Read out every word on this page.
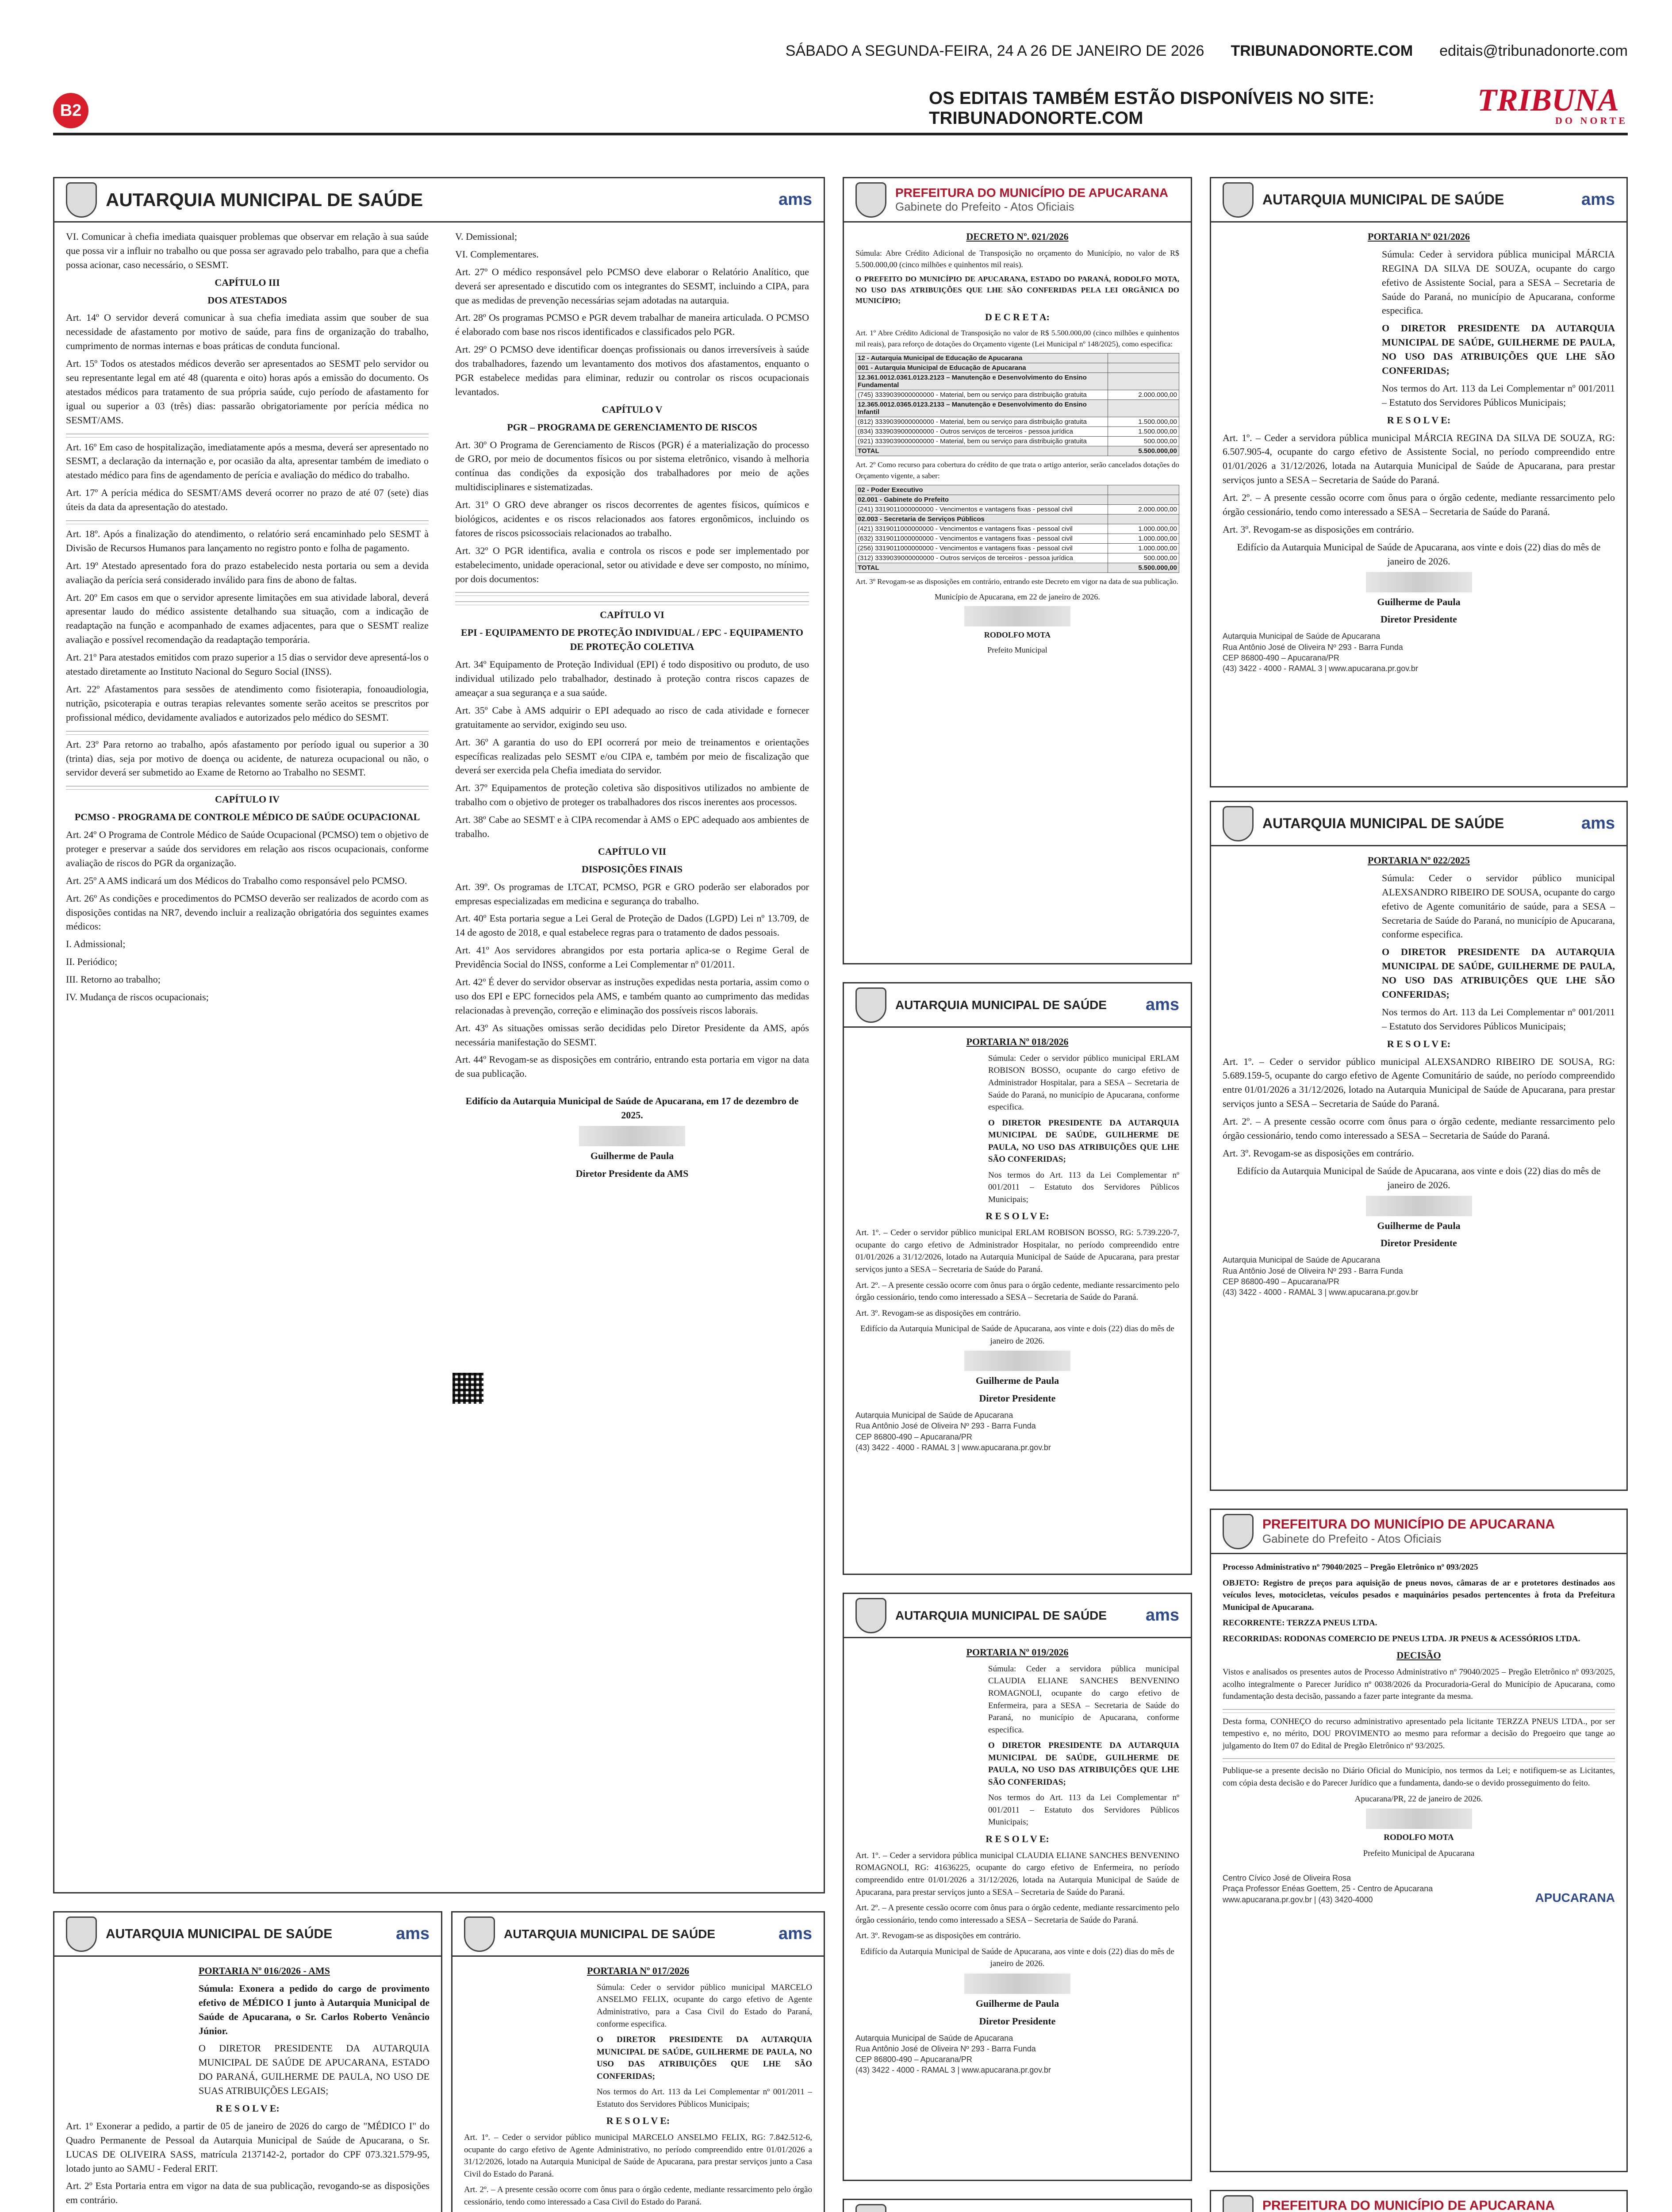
SÁBADO A SEGUNDA-FEIRA, 24 A 26 DE JANEIRO DE 2026 TRIBUNADONORTE.COM editais@tribunadonorte.com
B2
OS EDITAIS TAMBÉM ESTÃO DISPONÍVEIS NO SITE: TRIBUNADONORTE.COM
TRIBUNA
DO NORTE
AUTARQUIA MUNICIPAL DE SAÚDE	ams

VI. Comunicar à chefia imediata quaisquer problemas que observar em relação à sua saúde que possa vir a influir no trabalho ou que possa ser agravado pelo trabalho, para que a chefia possa acionar, caso necessário, o SESMT.

CAPÍTULO III

DOS ATESTADOS

Art. 14º O servidor deverá comunicar à sua chefia imediata assim que souber de sua necessidade de afastamento por motivo de saúde, para fins de organização do trabalho, cumprimento de normas internas e boas práticas de conduta funcional.

Art. 15º Todos os atestados médicos deverão ser apresentados ao SESMT pelo servidor ou seu representante legal em até 48 (quarenta e oito) horas após a emissão do documento. Os atestados médicos para tratamento de sua própria saúde, cujo período de afastamento for igual ou superior a 03 (três) dias: passarão obrigatoriamente por perícia médica no SESMT/AMS.

Art. 16º Em caso de hospitalização, imediatamente após a mesma, deverá ser apresentado no SESMT, a declaração da internação e, por ocasião da alta, apresentar também de imediato o atestado médico para fins de agendamento de perícia e avaliação do médico do trabalho.

Art. 17º A perícia médica do SESMT/AMS deverá ocorrer no prazo de até 07 (sete) dias úteis da data da apresentação do atestado.

Art. 18º. Após a finalização do atendimento, o relatório será encaminhado pelo SESMT à Divisão de Recursos Humanos para lançamento no registro ponto e folha de pagamento.

Art. 19º Atestado apresentado fora do prazo estabelecido nesta portaria ou sem a devida avaliação da perícia será considerado inválido para fins de abono de faltas.

Art. 20º Em casos em que o servidor apresente limitações em sua atividade laboral, deverá apresentar laudo do médico assistente detalhando sua situação, com a indicação de readaptação na função e acompanhado de exames adjacentes, para que o SESMT realize avaliação e possível recomendação da readaptação temporária.

Art. 21º Para atestados emitidos com prazo superior a 15 dias o servidor deve apresentá-los o atestado diretamente ao Instituto Nacional do Seguro Social (INSS).

Art. 22º Afastamentos para sessões de atendimento como fisioterapia, fonoaudiologia, nutrição, psicoterapia e outras terapias relevantes somente serão aceitos se prescritos por profissional médico, devidamente avaliados e autorizados pelo médico do SESMT.

Art. 23º Para retorno ao trabalho, após afastamento por período igual ou superior a 30 (trinta) dias, seja por motivo de doença ou acidente, de natureza ocupacional ou não, o servidor deverá ser submetido ao Exame de Retorno ao Trabalho no SESMT.

CAPÍTULO IV

PCMSO - PROGRAMA DE CONTROLE MÉDICO DE SAÚDE OCUPACIONAL

Art. 24º O Programa de Controle Médico de Saúde Ocupacional (PCMSO) tem o objetivo de proteger e preservar a saúde dos servidores em relação aos riscos ocupacionais, conforme avaliação de riscos do PGR da organização.

Art. 25º A AMS indicará um dos Médicos do Trabalho como responsável pelo PCMSO.

Art. 26º As condições e procedimentos do PCMSO deverão ser realizados de acordo com as disposições contidas na NR7, devendo incluir a realização obrigatória dos seguintes exames médicos:

I. Admissional;

II. Periódico;

III. Retorno ao trabalho;

IV. Mudança de riscos ocupacionais;

V. Demissional;

VI. Complementares.

Art. 27º O médico responsável pelo PCMSO deve elaborar o Relatório Analítico, que deverá ser apresentado e discutido com os integrantes do SESMT, incluindo a CIPA, para que as medidas de prevenção necessárias sejam adotadas na autarquia.

Art. 28º Os programas PCMSO e PGR devem trabalhar de maneira articulada. O PCMSO é elaborado com base nos riscos identificados e classificados pelo PGR.

Art. 29º O PCMSO deve identificar doenças profissionais ou danos irreversíveis à saúde dos trabalhadores, fazendo um levantamento dos motivos dos afastamentos, enquanto o PGR estabelece medidas para eliminar, reduzir ou controlar os riscos ocupacionais levantados.

CAPÍTULO V

PGR – PROGRAMA DE GERENCIAMENTO DE RISCOS

Art. 30º O Programa de Gerenciamento de Riscos (PGR) é a materialização do processo de GRO, por meio de documentos físicos ou por sistema eletrônico, visando à melhoria contínua das condições da exposição dos trabalhadores por meio de ações multidisciplinares e sistematizadas.

Art. 31º O GRO deve abranger os riscos decorrentes de agentes físicos, químicos e biológicos, acidentes e os riscos relacionados aos fatores ergonômicos, incluindo os fatores de riscos psicossociais relacionados ao trabalho.

Art. 32º O PGR identifica, avalia e controla os riscos e pode ser implementado por estabelecimento, unidade operacional, setor ou atividade e deve ser composto, no mínimo, por dois documentos:

CAPÍTULO VI

EPI - EQUIPAMENTO DE PROTEÇÃO INDIVIDUAL / EPC - EQUIPAMENTO DE PROTEÇÃO COLETIVA

Art. 34º Equipamento de Proteção Individual (EPI) é todo dispositivo ou produto, de uso individual utilizado pelo trabalhador, destinado à proteção contra riscos capazes de ameaçar a sua segurança e a sua saúde.

Art. 35º Cabe à AMS adquirir o EPI adequado ao risco de cada atividade e fornecer gratuitamente ao servidor, exigindo seu uso.

Art. 36º A garantia do uso do EPI ocorrerá por meio de treinamentos e orientações específicas realizadas pelo SESMT e/ou CIPA e, também por meio de fiscalização que deverá ser exercida pela Chefia imediata do servidor.

Art. 37º Equipamentos de proteção coletiva são dispositivos utilizados no ambiente de trabalho com o objetivo de proteger os trabalhadores dos riscos inerentes aos processos.

Art. 38º Cabe ao SESMT e à CIPA recomendar à AMS o EPC adequado aos ambientes de trabalho.

CAPÍTULO VII

DISPOSIÇÕES FINAIS

Art. 39º. Os programas de LTCAT, PCMSO, PGR e GRO poderão ser elaborados por empresas especializadas em medicina e segurança do trabalho.

Art. 40º Esta portaria segue a Lei Geral de Proteção de Dados (LGPD) Lei nº 13.709, de 14 de agosto de 2018, e qual estabelece regras para o tratamento de dados pessoais.

Art. 41º Aos servidores abrangidos por esta portaria aplica-se o Regime Geral de Previdência Social do INSS, conforme a Lei Complementar nº 01/2011.

Art. 42º É dever do servidor observar as instruções expedidas nesta portaria, assim como o uso dos EPI e EPC fornecidos pela AMS, e também quanto ao cumprimento das medidas relacionadas à prevenção, correção e eliminação dos possíveis riscos laborais.

Art. 43º As situações omissas serão decididas pelo Diretor Presidente da AMS, após necessária manifestação do SESMT.

Art. 44º Revogam-se as disposições em contrário, entrando esta portaria em vigor na data de sua publicação.

Edifício da Autarquia Municipal de Saúde de Apucarana, em 17 de dezembro de 2025.

Guilherme de Paula

Diretor Presidente da AMS

PREFEITURA DO MUNICÍPIO DE APUCARANA
Gabinete do Prefeito - Atos Oficiais

DECRETO Nº. 021/2026

Súmula: Abre Crédito Adicional de Transposição no orçamento do Município, no valor de R$ 5.500.000,00 (cinco milhões e quinhentos mil reais).

O PREFEITO DO MUNICÍPIO DE APUCARANA, ESTADO DO PARANÁ, RODOLFO MOTA, NO USO DAS ATRIBUIÇÕES QUE LHE SÃO CONFERIDAS PELA LEI ORGÂNICA DO MUNICÍPIO;

D E C R E T A:

Art. 1º Abre Crédito Adicional de Transposição no valor de R$ 5.500.000,00 (cinco milhões e quinhentos mil reais), para reforço de dotações do Orçamento vigente (Lei Municipal nº 148/2025), como especifica:

12 - Autarquia Municipal de Educação de Apucarana	
001 - Autarquia Municipal de Educação de Apucarana	
12.361.0012.0361.0123.2123 – Manutenção e Desenvolvimento do Ensino Fundamental	
(745) 3339039000000000 - Material, bem ou serviço para distribuição gratuita	2.000.000,00
12.365.0012.0365.0123.2133 – Manutenção e Desenvolvimento do Ensino Infantil	
(812) 3339039000000000 - Material, bem ou serviço para distribuição gratuita	1.500.000,00
(834) 3339039000000000 - Outros serviços de terceiros - pessoa jurídica	1.500.000,00
(921) 3339039000000000 - Material, bem ou serviço para distribuição gratuita	500.000,00
TOTAL	5.500.000,00

Art. 2º Como recurso para cobertura do crédito de que trata o artigo anterior, serão cancelados dotações do Orçamento vigente, a saber:

02 - Poder Executivo	
02.001 - Gabinete do Prefeito	
(241) 3319011000000000 - Vencimentos e vantagens fixas - pessoal civil	2.000.000,00
02.003 - Secretaria de Serviços Públicos	
(421) 3319011000000000 - Vencimentos e vantagens fixas - pessoal civil	1.000.000,00
(632) 3319011000000000 - Vencimentos e vantagens fixas - pessoal civil	1.000.000,00
(256) 3319011000000000 - Vencimentos e vantagens fixas - pessoal civil	1.000.000,00
(312) 3339039000000000 - Outros serviços de terceiros - pessoa jurídica	500.000,00
TOTAL	5.500.000,00

Art. 3º Revogam-se as disposições em contrário, entrando este Decreto em vigor na data de sua publicação.

Município de Apucarana, em 22 de janeiro de 2026.

RODOLFO MOTA

Prefeito Municipal

AUTARQUIA MUNICIPAL DE SAÚDE	ams

PORTARIA Nº 021/2026

Súmula: Ceder à servidora pública municipal MÁRCIA REGINA DA SILVA DE SOUZA, ocupante do cargo efetivo de Assistente Social, para a SESA – Secretaria de Saúde do Paraná, no município de Apucarana, conforme especifica.

O DIRETOR PRESIDENTE DA AUTARQUIA MUNICIPAL DE SAÚDE, GUILHERME DE PAULA, NO USO DAS ATRIBUIÇÕES QUE LHE SÃO CONFERIDAS;

Nos termos do Art. 113 da Lei Complementar nº 001/2011 – Estatuto dos Servidores Públicos Municipais;

R E S O L V E:

Art. 1º. – Ceder a servidora pública municipal MÁRCIA REGINA DA SILVA DE SOUZA, RG: 6.507.905-4, ocupante do cargo efetivo de Assistente Social, no período compreendido entre 01/01/2026 a 31/12/2026, lotada na Autarquia Municipal de Saúde de Apucarana, para prestar serviços junto a SESA – Secretaria de Saúde do Paraná.

Art. 2º. – A presente cessão ocorre com ônus para o órgão cedente, mediante ressarcimento pelo órgão cessionário, tendo como interessado a SESA – Secretaria de Saúde do Paraná.

Art. 3º. Revogam-se as disposições em contrário.

Edifício da Autarquia Municipal de Saúde de Apucarana, aos vinte e dois (22) dias do mês de janeiro de 2026.

Guilherme de Paula

Diretor Presidente

Autarquia Municipal de Saúde de Apucarana
Rua Antônio José de Oliveira Nº 293 - Barra Funda
CEP 86800-490 – Apucarana/PR
(43) 3422 - 4000 - RAMAL 3 | www.apucarana.pr.gov.br
AUTARQUIA MUNICIPAL DE SAÚDE	ams

PORTARIA Nº 022/2025

Súmula: Ceder o servidor público municipal ALEXSANDRO RIBEIRO DE SOUSA, ocupante do cargo efetivo de Agente comunitário de saúde, para a SESA – Secretaria de Saúde do Paraná, no município de Apucarana, conforme especifica.

O DIRETOR PRESIDENTE DA AUTARQUIA MUNICIPAL DE SAÚDE, GUILHERME DE PAULA, NO USO DAS ATRIBUIÇÕES QUE LHE SÃO CONFERIDAS;

Nos termos do Art. 113 da Lei Complementar nº 001/2011 – Estatuto dos Servidores Públicos Municipais;

R E S O L V E:

Art. 1º. – Ceder o servidor público municipal ALEXSANDRO RIBEIRO DE SOUSA, RG: 5.689.159-5, ocupante do cargo efetivo de Agente Comunitário de saúde, no período compreendido entre 01/01/2026 a 31/12/2026, lotado na Autarquia Municipal de Saúde de Apucarana, para prestar serviços junto a SESA – Secretaria de Saúde do Paraná.

Art. 2º. – A presente cessão ocorre com ônus para o órgão cedente, mediante ressarcimento pelo órgão cessionário, tendo como interessado a SESA – Secretaria de Saúde do Paraná.

Art. 3º. Revogam-se as disposições em contrário.

Edifício da Autarquia Municipal de Saúde de Apucarana, aos vinte e dois (22) dias do mês de janeiro de 2026.

Guilherme de Paula

Diretor Presidente

Autarquia Municipal de Saúde de Apucarana
Rua Antônio José de Oliveira Nº 293 - Barra Funda
CEP 86800-490 – Apucarana/PR
(43) 3422 - 4000 - RAMAL 3 | www.apucarana.pr.gov.br
AUTARQUIA MUNICIPAL DE SAÚDE	ams

PORTARIA Nº 018/2026

Súmula: Ceder o servidor público municipal ERLAM ROBISON BOSSO, ocupante do cargo efetivo de Administrador Hospitalar, para a SESA – Secretaria de Saúde do Paraná, no município de Apucarana, conforme especifica.

O DIRETOR PRESIDENTE DA AUTARQUIA MUNICIPAL DE SAÚDE, GUILHERME DE PAULA, NO USO DAS ATRIBUIÇÕES QUE LHE SÃO CONFERIDAS;

Nos termos do Art. 113 da Lei Complementar nº 001/2011 – Estatuto dos Servidores Públicos Municipais;

R E S O L V E:

Art. 1º. – Ceder o servidor público municipal ERLAM ROBISON BOSSO, RG: 5.739.220-7, ocupante do cargo efetivo de Administrador Hospitalar, no período compreendido entre 01/01/2026 a 31/12/2026, lotado na Autarquia Municipal de Saúde de Apucarana, para prestar serviços junto a SESA – Secretaria de Saúde do Paraná.

Art. 2º. – A presente cessão ocorre com ônus para o órgão cedente, mediante ressarcimento pelo órgão cessionário, tendo como interessado a SESA – Secretaria de Saúde do Paraná.

Art. 3º. Revogam-se as disposições em contrário.

Edifício da Autarquia Municipal de Saúde de Apucarana, aos vinte e dois (22) dias do mês de janeiro de 2026.

Guilherme de Paula

Diretor Presidente

Autarquia Municipal de Saúde de Apucarana
Rua Antônio José de Oliveira Nº 293 - Barra Funda
CEP 86800-490 – Apucarana/PR
(43) 3422 - 4000 - RAMAL 3 | www.apucarana.pr.gov.br
AUTARQUIA MUNICIPAL DE SAÚDE	ams

PORTARIA Nº 019/2026

Súmula: Ceder a servidora pública municipal CLAUDIA ELIANE SANCHES BENVENINO ROMAGNOLI, ocupante do cargo efetivo de Enfermeira, para a SESA – Secretaria de Saúde do Paraná, no município de Apucarana, conforme especifica.

O DIRETOR PRESIDENTE DA AUTARQUIA MUNICIPAL DE SAÚDE, GUILHERME DE PAULA, NO USO DAS ATRIBUIÇÕES QUE LHE SÃO CONFERIDAS;

Nos termos do Art. 113 da Lei Complementar nº 001/2011 – Estatuto dos Servidores Públicos Municipais;

R E S O L V E:

Art. 1º. – Ceder a servidora pública municipal CLAUDIA ELIANE SANCHES BENVENINO ROMAGNOLI, RG: 41636225, ocupante do cargo efetivo de Enfermeira, no período compreendido entre 01/01/2026 a 31/12/2026, lotada na Autarquia Municipal de Saúde de Apucarana, para prestar serviços junto a SESA – Secretaria de Saúde do Paraná.

Art. 2º. – A presente cessão ocorre com ônus para o órgão cedente, mediante ressarcimento pelo órgão cessionário, tendo como interessado a SESA – Secretaria de Saúde do Paraná.

Art. 3º. Revogam-se as disposições em contrário.

Edifício da Autarquia Municipal de Saúde de Apucarana, aos vinte e dois (22) dias do mês de janeiro de 2026.

Guilherme de Paula

Diretor Presidente

Autarquia Municipal de Saúde de Apucarana
Rua Antônio José de Oliveira Nº 293 - Barra Funda
CEP 86800-490 – Apucarana/PR
(43) 3422 - 4000 - RAMAL 3 | www.apucarana.pr.gov.br

AUTARQUIA MUNICIPAL DE SAÚDE	ams

PORTARIA Nº 016/2026 - AMS

Súmula: Exonera a pedido do cargo de provimento efetivo de MÉDICO I junto à Autarquia Municipal de Saúde de Apucarana, o Sr. Carlos Roberto Venâncio Júnior.

O DIRETOR PRESIDENTE DA AUTARQUIA MUNICIPAL DE SAÚDE DE APUCARANA, ESTADO DO PARANÁ, GUILHERME DE PAULA, NO USO DE SUAS ATRIBUIÇÕES LEGAIS;

R E S O L V E:

Art. 1º Exonerar a pedido, a partir de 05 de janeiro de 2026 do cargo de "MÉDICO I" do Quadro Permanente de Pessoal da Autarquia Municipal de Saúde de Apucarana, o Sr. LUCAS DE OLIVEIRA SASS, matrícula 2137142-2, portador do CPF 073.321.579-95, lotado junto ao SAMU - Federal ERIT.

Art. 2º Esta Portaria entra em vigor na data de sua publicação, revogando-se as disposições em contrário.

AUTARQUIA MUNICIPAL DE SAÚDE	ams

PORTARIA Nº 017/2026

Súmula: Ceder o servidor público municipal MARCELO ANSELMO FELIX, ocupante do cargo efetivo de Agente Administrativo, para a Casa Civil do Estado do Paraná, conforme especifica.

O DIRETOR PRESIDENTE DA AUTARQUIA MUNICIPAL DE SAÚDE, GUILHERME DE PAULA, NO USO DAS ATRIBUIÇÕES QUE LHE SÃO CONFERIDAS;

Nos termos do Art. 113 da Lei Complementar nº 001/2011 – Estatuto dos Servidores Públicos Municipais;

R E S O L V E:

Art. 1º. – Ceder o servidor público municipal MARCELO ANSELMO FELIX, RG: 7.842.512-6, ocupante do cargo efetivo de Agente Administrativo, no período compreendido entre 01/01/2026 a 31/12/2026, lotado na Autarquia Municipal de Saúde de Apucarana, para prestar serviços junto a Casa Civil do Estado do Paraná.

Art. 2º. – A presente cessão ocorre com ônus para o órgão cedente, mediante ressarcimento pelo órgão cessionário, tendo como interessado a Casa Civil do Estado do Paraná.

PREFEITURA DO MUNICÍPIO DE APUCARANA
Gabinete do Prefeito - Atos Oficiais

Processo Administrativo nº 79040/2025 – Pregão Eletrônico nº 093/2025

OBJETO: Registro de preços para aquisição de pneus novos, câmaras de ar e protetores destinados aos veículos leves, motocicletas, veículos pesados e maquinários pesados pertencentes à frota da Prefeitura Municipal de Apucarana.

RECORRENTE: TERZZA PNEUS LTDA.

RECORRIDAS: RODONAS COMERCIO DE PNEUS LTDA. JR PNEUS & ACESSÓRIOS LTDA.

DECISÃO

Vistos e analisados os presentes autos de Processo Administrativo nº 79040/2025 – Pregão Eletrônico nº 093/2025, acolho integralmente o Parecer Jurídico nº 0038/2026 da Procuradoria-Geral do Município de Apucarana, como fundamentação desta decisão, passando a fazer parte integrante da mesma.

Desta forma, CONHEÇO do recurso administrativo apresentado pela licitante TERZZA PNEUS LTDA., por ser tempestivo e, no mérito, DOU PROVIMENTO ao mesmo para reformar a decisão do Pregoeiro que tange ao julgamento do Item 07 do Edital de Pregão Eletrônico nº 93/2025.

Publique-se a presente decisão no Diário Oficial do Município, nos termos da Lei; e notifiquem-se as Licitantes, com cópia desta decisão e do Parecer Jurídico que a fundamenta, dando-se o devido prosseguimento do feito.

Apucarana/PR, 22 de janeiro de 2026.

RODOLFO MOTA

Prefeito Municipal de Apucarana

Centro Cívico José de Oliveira Rosa
Praça Professor Enéas Goettem, 25 - Centro de Apucarana
www.apucarana.pr.gov.br | (43) 3420-4000	APUCARANA
PREFEITURA DO MUNICÍPIO DE APUCARANA
